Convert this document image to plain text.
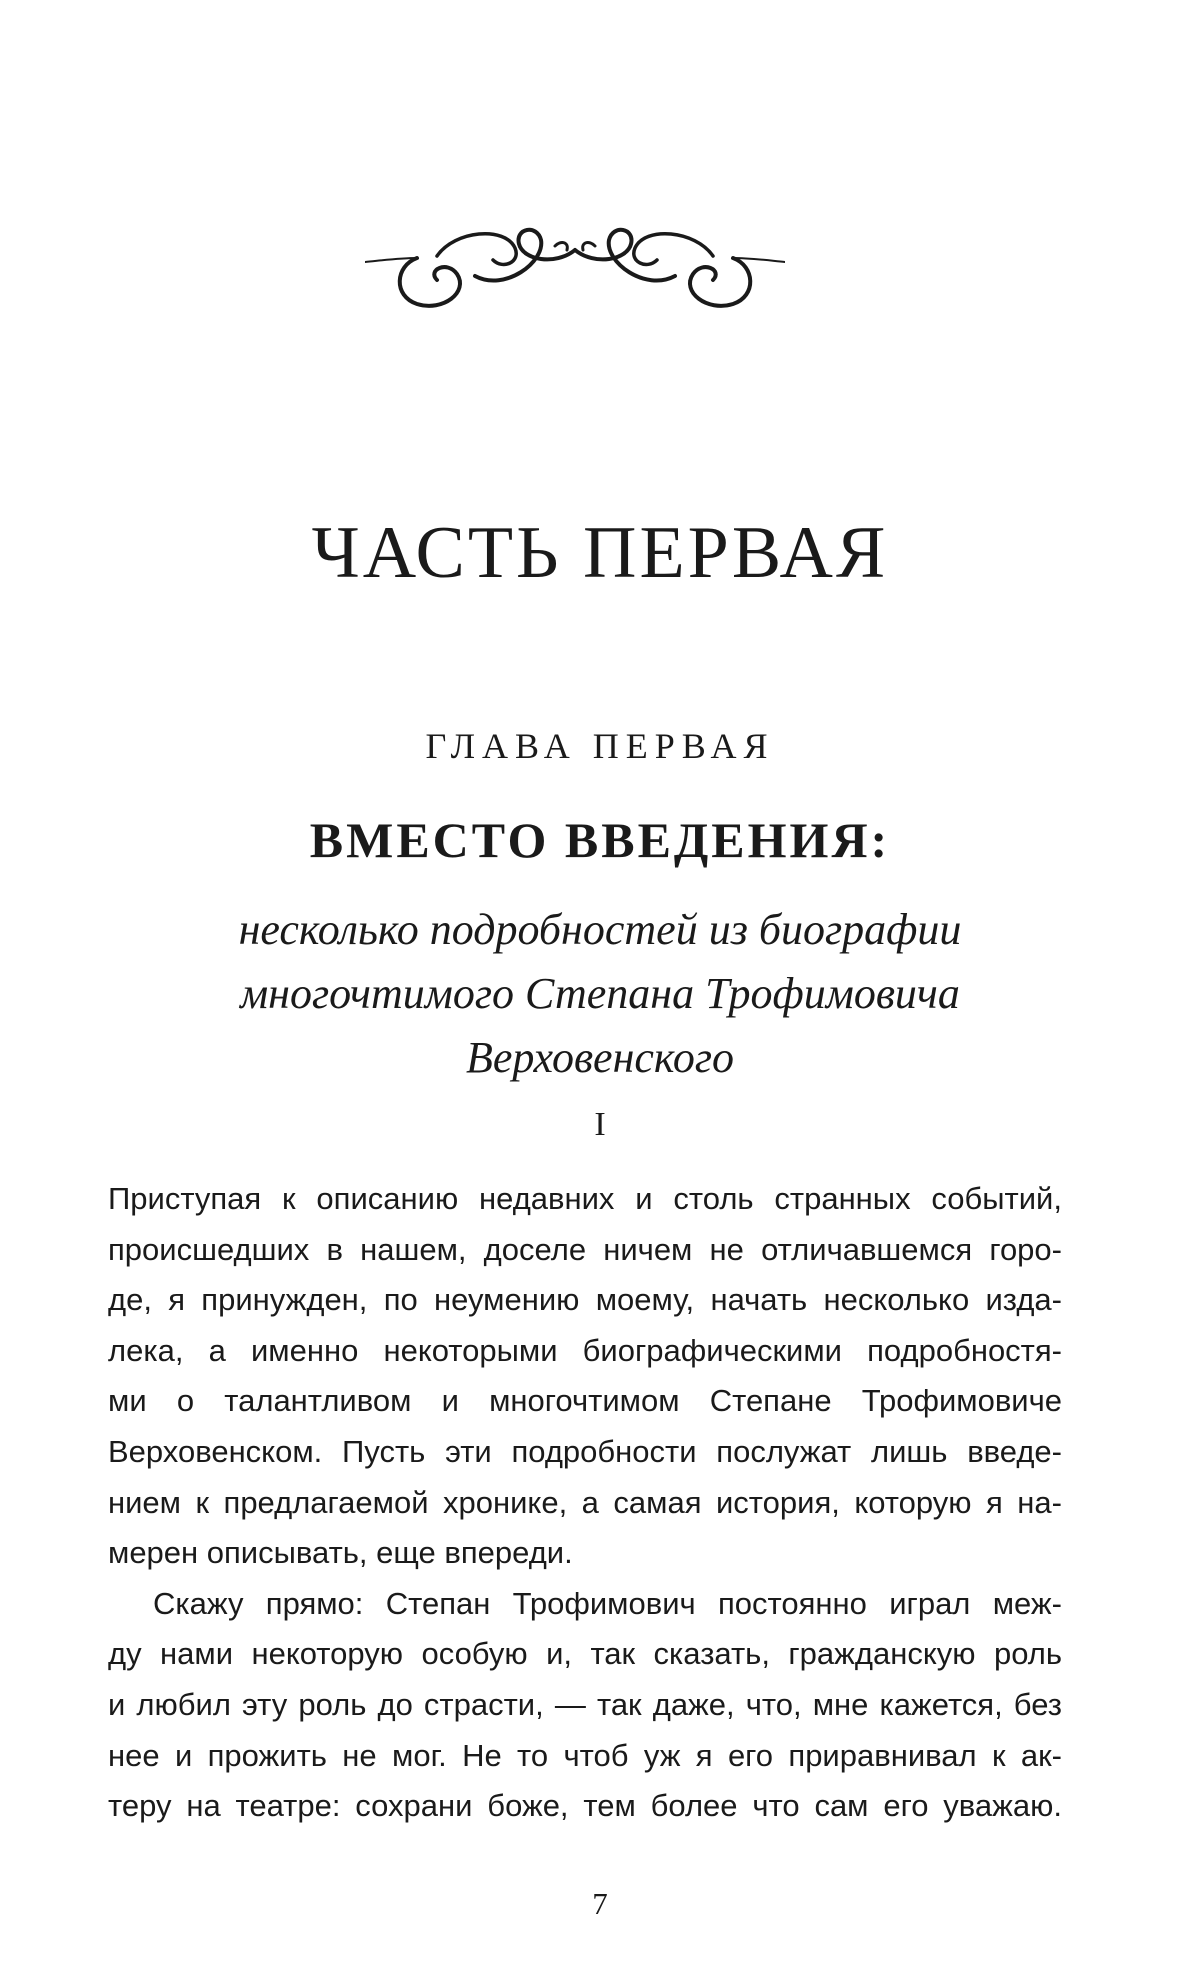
ЧАСТЬ ПЕРВАЯ
ГЛАВА ПЕРВАЯ
ВМЕСТО ВВЕДЕНИЯ:
несколько подробностей из биографии
многочтимого Степана Трофимовича
Верховенского
I
Приступая к описанию недавних и столь странных событий,
происшедших в нашем, доселе ничем не отличавшемся горо-
де, я принужден, по неумению моему, начать несколько изда-
лека, а именно некоторыми биографическими подробностя-
ми о талантливом и многочтимом Степане Трофимовиче
Верховенском. Пусть эти подробности послужат лишь введе-
нием к предлагаемой хронике, а самая история, которую я на-
мерен описывать, еще впереди.
Скажу прямо: Степан Трофимович постоянно играл меж-
ду нами некоторую особую и, так сказать, гражданскую роль
и любил эту роль до страсти, — так даже, что, мне кажется, без
нее и прожить не мог. Не то чтоб уж я его приравнивал к ак-
теру на театре: сохрани боже, тем более что сам его уважаю.
7
